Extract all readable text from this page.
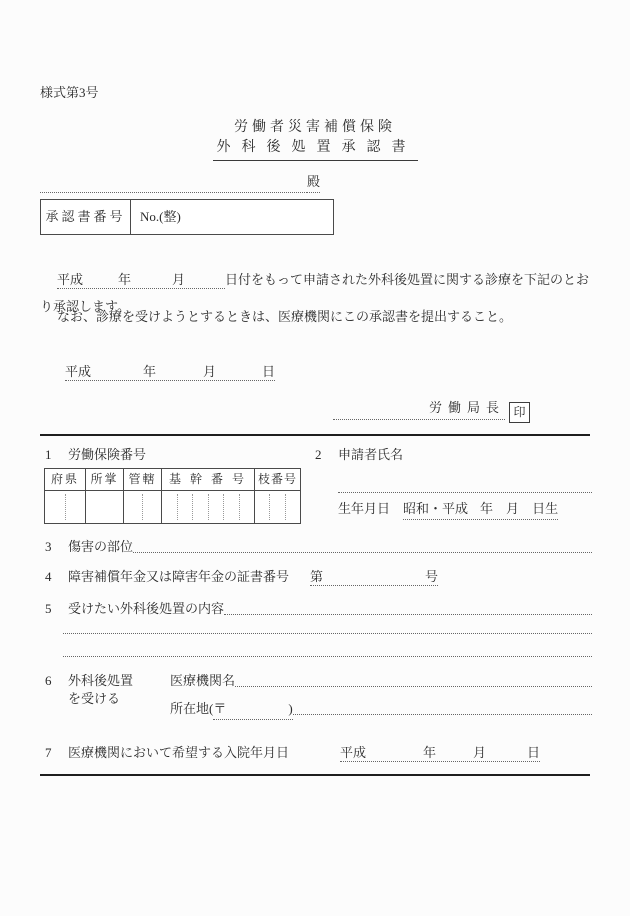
様式第3号
労働者災害補償保険
外科後処置承認書
殿
承認書番号	No.(整)
平成	年	月	日付をもって申請された外科後処置に関する診療を下記のとお
り承認します。
なお、診療を受けようとするときは、医療機関にこの承認書を提出すること。
平成	年	月	日
労働局長 印
1	労働保険番号
府県 所掌 管轄	基幹番号 枝番号
2	申請者氏名
生年月日 昭和・平成 年 月 日生
3	傷害の部位
4	障害補償年金又は障害年金の証書番号 第	号
5	受けたい外科後処置の内容
6 外科後処置
を受ける
医療機関名
所在地( 〒	)
7	医療機関において希望する入院年月日	平成	年	月	日
